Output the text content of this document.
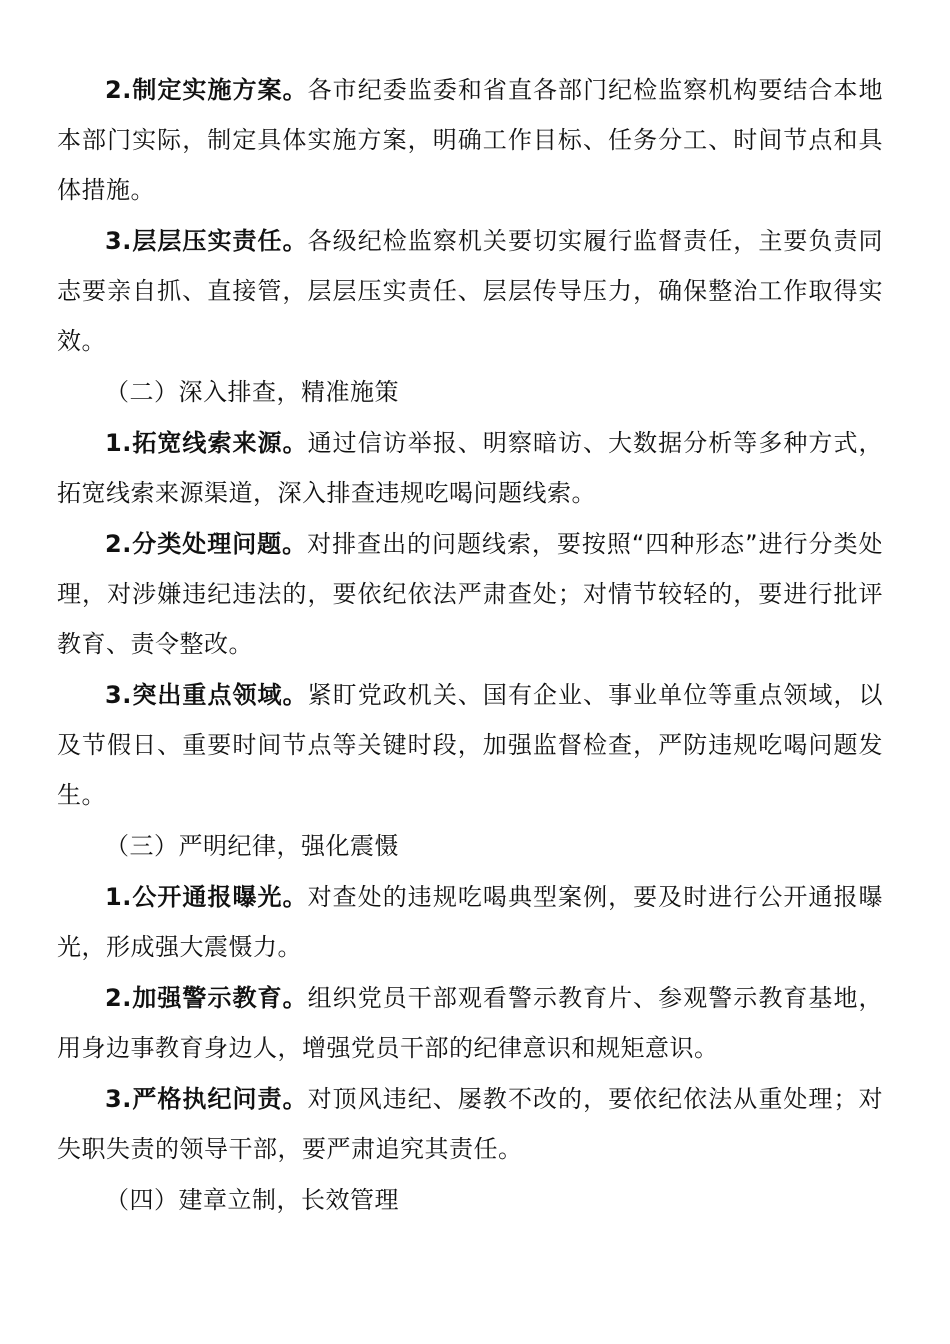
2.制定实施方案。各市纪委监委和省直各部门纪检监察机构要结合本地本部门实际，制定具体实施方案，明确工作目标、任务分工、时间节点和具体措施。

3.层层压实责任。各级纪检监察机关要切实履行监督责任，主要负责同志要亲自抓、直接管，层层压实责任、层层传导压力，确保整治工作取得实效。

（二）深入排查，精准施策

1.拓宽线索来源。通过信访举报、明察暗访、大数据分析等多种方式，拓宽线索来源渠道，深入排查违规吃喝问题线索。

2.分类处理问题。对排查出的问题线索，要按照“四种形态”进行分类处理，对涉嫌违纪违法的，要依纪依法严肃查处；对情节较轻的，要进行批评教育、责令整改。

3.突出重点领域。紧盯党政机关、国有企业、事业单位等重点领域，以及节假日、重要时间节点等关键时段，加强监督检查，严防违规吃喝问题发生。

（三）严明纪律，强化震慑

1.公开通报曝光。对查处的违规吃喝典型案例，要及时进行公开通报曝光，形成强大震慑力。

2.加强警示教育。组织党员干部观看警示教育片、参观警示教育基地，用身边事教育身边人，增强党员干部的纪律意识和规矩意识。

3.严格执纪问责。对顶风违纪、屡教不改的，要依纪依法从重处理；对失职失责的领导干部，要严肃追究其责任。

（四）建章立制，长效管理
